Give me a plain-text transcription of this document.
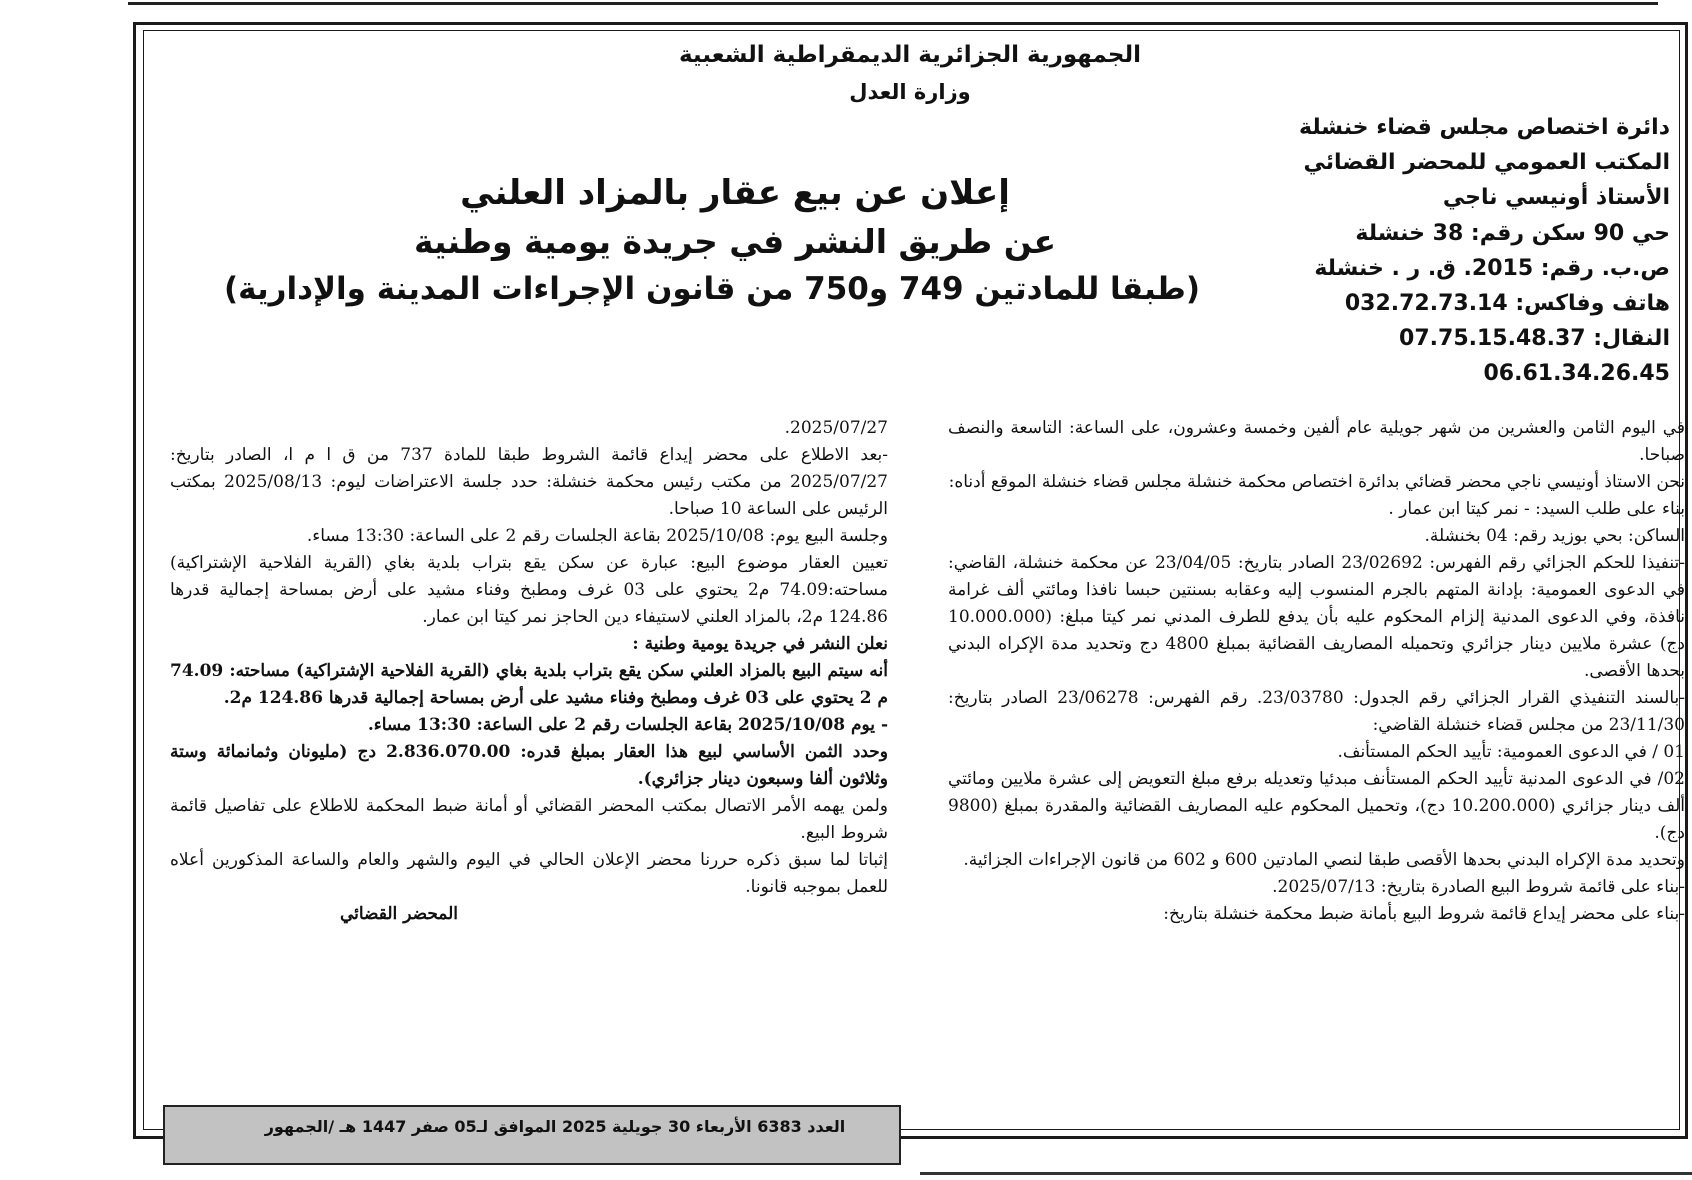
الجمهورية الجزائرية الديمقراطية الشعبية
وزارة العدل
دائرة اختصاص مجلس قضاء خنشلة
المكتب العمومي للمحضر القضائي
الأستاذ أونيسي ناجي
حي 90 سكن رقم: 38 خنشلة
ص.ب. رقم: 2015. ق. ر . خنشلة
هاتف وفاكس: 032.72.73.14
النقال: 07.75.15.48.37
06.61.34.26.45
إعلان عن بيع عقار بالمزاد العلني
عن طريق النشر في جريدة يومية وطنية
(طبقا للمادتين 749 و750 من قانون الإجراءات المدينة والإدارية)

في اليوم الثامن والعشرين من شهر جويلية عام ألفين وخمسة وعشرون، على الساعة: التاسعة والنصف صباحا.

نحن الاستاذ أونيسي ناجي محضر قضائي بدائرة اختصاص محكمة خنشلة مجلس قضاء خنشلة الموقع أدناه:

بناء على طلب السيد: - نمر كيتا ابن عمار .

الساكن: بحي بوزيد رقم: 04 بخنشلة.

-تنفيذا للحكم الجزائي رقم الفهرس: 23/02692 الصادر بتاريخ: 23/04/05 عن محكمة خنشلة، القاضي: في الدعوى العمومية: بإدانة المتهم بالجرم المنسوب إليه وعقابه بسنتين حبسا نافذا ومائتي ألف غرامة نافذة، وفي الدعوى المدنية إلزام المحكوم عليه بأن يدفع للطرف المدني نمر كيتا مبلغ: (10.000.000 دج) عشرة ملايين دينار جزائري وتحميله المصاريف القضائية بمبلغ 4800 دج وتحديد مدة الإكراه البدني بحدها الأقصى.

-بالسند التنفيذي القرار الجزائي رقم الجدول: 23/03780. رقم الفهرس: 23/06278 الصادر بتاريخ: 23/11/30 من مجلس قضاء خنشلة القاضي:

01 / في الدعوى العمومية: تأييد الحكم المستأنف.

02/ في الدعوى المدنية تأييد الحكم المستأنف مبدئيا وتعديله برفع مبلغ التعويض إلى عشرة ملايين ومائتي ألف دينار جزائري (10.200.000 دج)، وتحميل المحكوم عليه المصاريف القضائية والمقدرة بمبلغ (9800 دج).

وتحديد مدة الإكراه البدني بحدها الأقصى طبقا لنصي المادتين 600 و 602 من قانون الإجراءات الجزائية.

-بناء على قائمة شروط البيع الصادرة بتاريخ: 2025/07/13.

-بناء على محضر إيداع قائمة شروط البيع بأمانة ضبط محكمة خنشلة بتاريخ:

2025/07/27.

-بعد الاطلاع على محضر إيداع قائمة الشروط طبقا للمادة 737 من ق ا م ا، الصادر بتاريخ: 2025/07/27 من مكتب رئيس محكمة خنشلة: حدد جلسة الاعتراضات ليوم: 2025/08/13 بمكتب الرئيس على الساعة 10 صباحا.

وجلسة البيع يوم: 2025/10/08 بقاعة الجلسات رقم 2 على الساعة: 13:30 مساء.

تعيين العقار موضوع البيع: عبارة عن سكن يقع بتراب بلدية بغاي (القرية الفلاحية الإشتراكية) مساحته:74.09 م2 يحتوي على 03 غرف ومطبخ وفناء مشيد على أرض بمساحة إجمالية قدرها 124.86 م2، بالمزاد العلني لاستيفاء دين الحاجز نمر كيتا ابن عمار.

نعلن النشر في جريدة يومية وطنية :

أنه سيتم البيع بالمزاد العلني سكن يقع بتراب بلدية بغاي (القرية الفلاحية الإشتراكية) مساحته: 74.09 م 2 يحتوي على 03 غرف ومطبخ وفناء مشيد على أرض بمساحة إجمالية قدرها 124.86 م2.

- يوم 2025/10/08 بقاعة الجلسات رقم 2 على الساعة: 13:30 مساء.

وحدد الثمن الأساسي لبيع هذا العقار بمبلغ قدره: 2.836.070.00 دج (مليونان وثمانمائة وستة وثلاثون ألفا وسبعون دينار جزائري).

ولمن يهمه الأمر الاتصال بمكتب المحضر القضائي أو أمانة ضبط المحكمة للاطلاع على تفاصيل قائمة شروط البيع.

إثباتا لما سبق ذكره حررنا محضر الإعلان الحالي في اليوم والشهر والعام والساعة المذكورين أعلاه للعمل بموجبه قانونا.

المحضر القضائي

العدد 6383 الأربعاء 30 جويلية 2025 الموافق لـ05 صفر 1447 هـ /الجمهور
